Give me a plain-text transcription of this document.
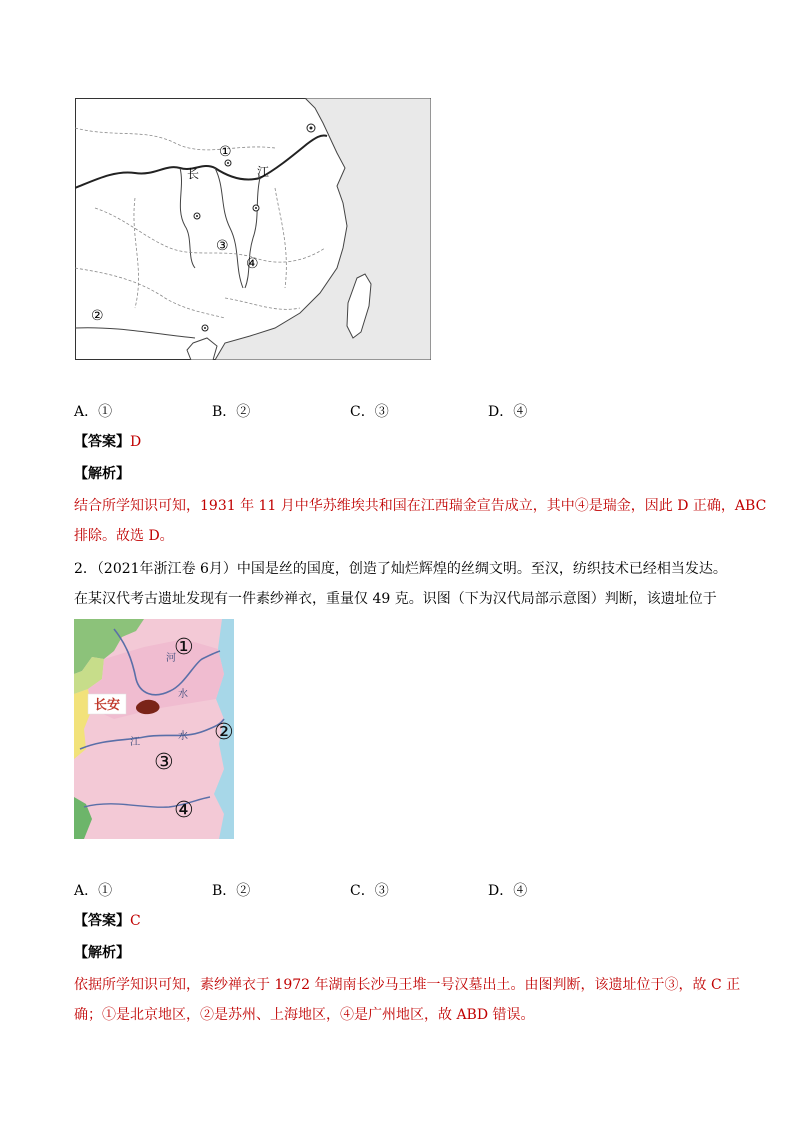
长	江
①
②
③
④
A．①	B．②	C．③	D．④
【答案】D
【解析】
结合所学知识可知，1931 年 11 月中华苏维埃共和国在江西瑞金宣告成立，其中④是瑞金，因此 D 正确，ABC
排除。故选 D。
2．（2021年浙江卷 6月）中国是丝的国度，创造了灿烂辉煌的丝绸文明。至汉，纺织技术已经相当发达。
在某汉代考古遗址发现有一件素纱禅衣，重量仅 49 克。识图（下为汉代局部示意图）判断，该遗址位于
长安
河
水
江
水
①
②
③
④
A．①	B．②	C．③	D．④
【答案】C
【解析】
依据所学知识可知，素纱禅衣于 1972 年湖南长沙马王堆一号汉墓出土。由图判断，该遗址位于③，故 C 正
确；①是北京地区，②是苏州、上海地区，④是广州地区，故 ABD 错误。
